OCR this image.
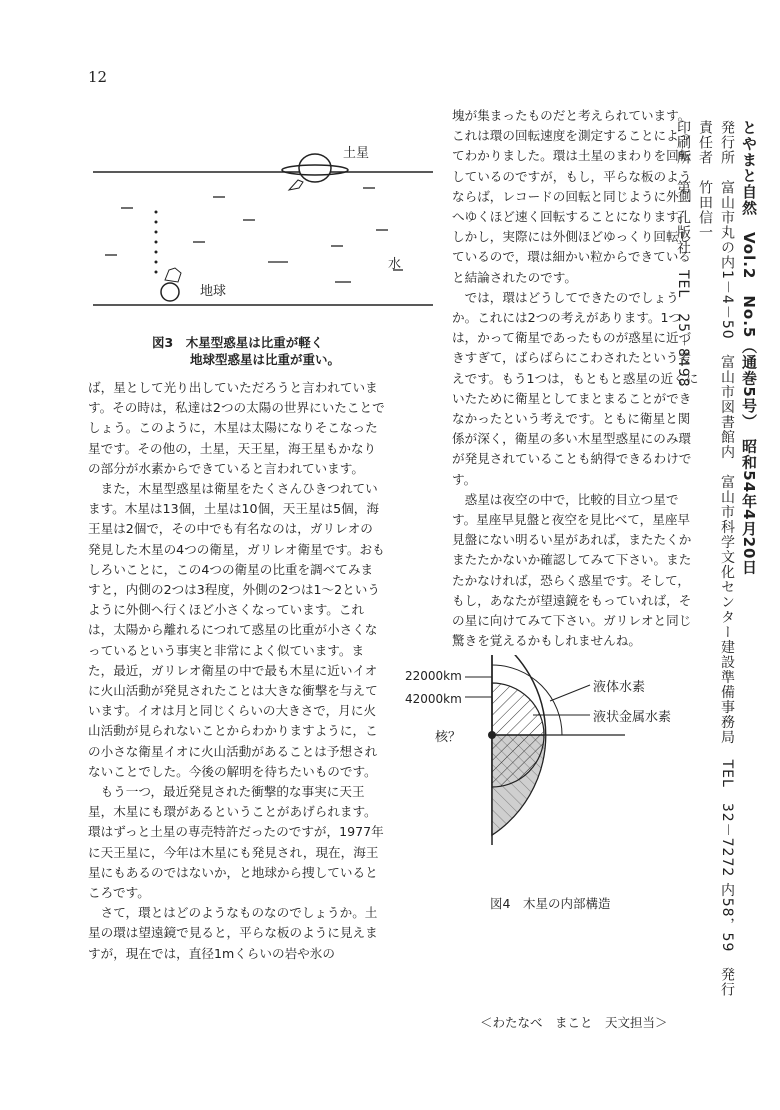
12
土星
水
地球
図3　木星型惑星は比重が軽く
地球型惑星は比重が重い。

ば，星として光り出していただろうと言われています。その時は，私達は2つの太陽の世界にいたことでしょう。このように，木星は太陽になりそこなった星です。その他の，土星，天王星，海王星もかなりの部分が水素からできていると言われています。

また，木星型惑星は衛星をたくさんひきつれています。木星は13個，土星は10個，天王星は5個，海王星は2個で，その中でも有名なのは，ガリレオの発見した木星の4つの衛星，ガリレオ衛星です。おもしろいことに，この4つの衛星の比重を調べてみますと，内側の2つは3程度，外側の2つは1～2というように外側へ行くほど小さくなっています。これは，太陽から離れるにつれて惑星の比重が小さくなっているという事実と非常によく似ています。また，最近，ガリレオ衛星の中で最も木星に近いイオに火山活動が発見されたことは大きな衝撃を与えています。イオは月と同じくらいの大きさで，月に火山活動が見られないことからわかりますように，この小さな衛星イオに火山活動があることは予想されないことでした。今後の解明を待ちたいものです。

もう一つ，最近発見された衝撃的な事実に天王星，木星にも環があるということがあげられます。環はずっと土星の専売特許だったのですが，1977年に天王星に，今年は木星にも発見され，現在，海王星にもあるのではないか，と地球から捜しているところです。

さて，環とはどのようなものなのでしょうか。土星の環は望遠鏡で見ると，平らな板のように見えますが，現在では，直径1mくらいの岩や氷の

塊が集まったものだと考えられています。これは環の回転速度を測定することによってわかりました。環は土星のまわりを回転しているのですが，もし，平らな板のようならば，レコードの回転と同じように外側へゆくほど速く回転することになります。しかし，実際には外側ほどゆっくり回転しているので，環は細かい粒からできていると結論されたのです。

では，環はどうしてできたのでしょうか。これには2つの考えがあります。1つは，かって衛星であったものが惑星に近づきすぎて，ばらばらにこわされたという考えです。もう1つは，もともと惑星の近くにいたために衛星としてまとまることができなかったという考えです。ともに衛星と関係が深く，衛星の多い木星型惑星にのみ環が発見されていることも納得できるわけです。

惑星は夜空の中で，比較的目立つ星です。星座早見盤と夜空を見比べて，星座早見盤にない明るい星があれば，またたくかまたたかないか確認してみて下さい。またたかなければ，恐らく惑星です。そして，もし，あなたが望遠鏡をもっていれば，その星に向けてみて下さい。ガリレオと同じ驚きを覚えるかもしれませんね。

22000km
42000km
液体水素
液状金属水素
核？
図4　木星の内部構造
＜わたなべ　まこと　天文担当＞
とやまと自然　Vol.2　No.5（通巻5号）　昭和54年4月20日
発行所　富山市丸の内1－4－50　富山市図書館内　富山市科学文化センター建設準備事務局　TEL　32－7272 内58，59　発行責任者　竹田信一
印刷所　第一孔版社　TEL　25－8498
